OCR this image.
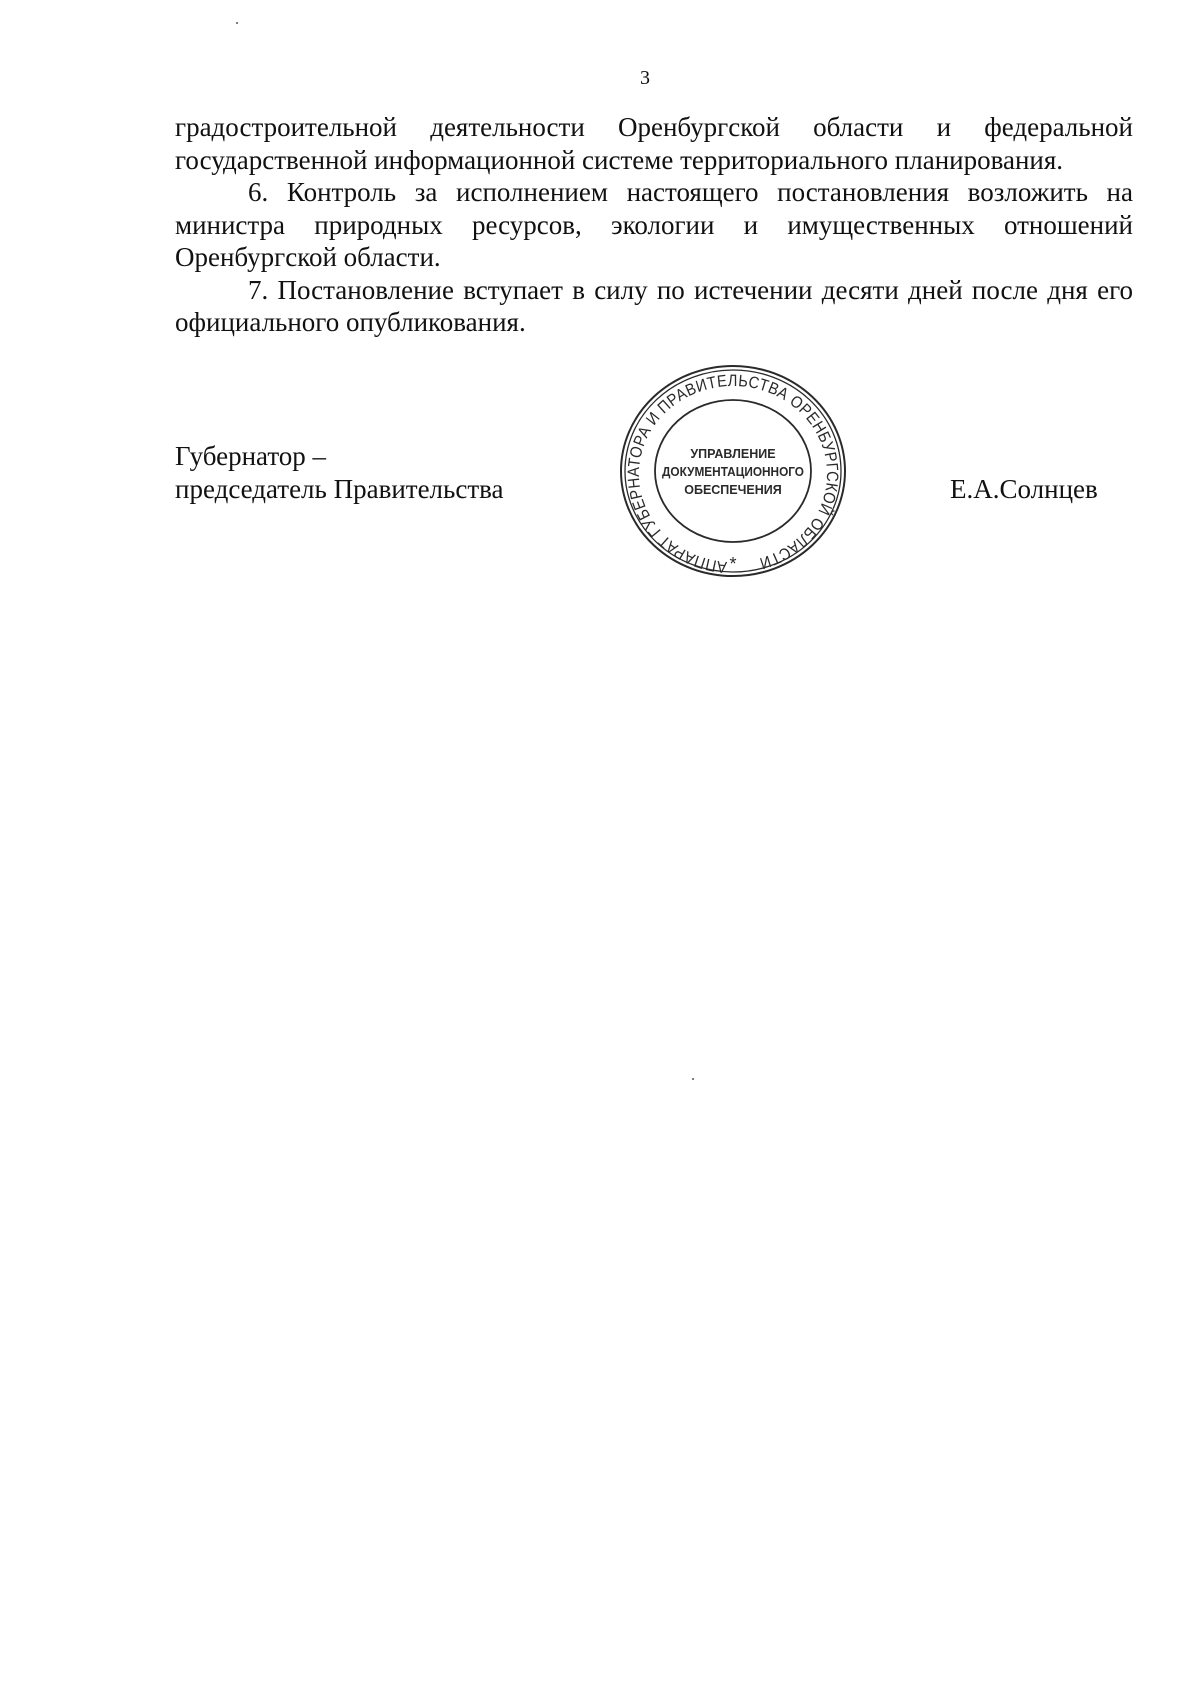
3

градостроительной деятельности Оренбургской области и федеральной государственной информационной системе территориального планирования.

6. Контроль за исполнением настоящего постановления возложить на министра природных ресурсов, экологии и имущественных отношений Оренбургской области.

7. Постановление вступает в силу по истечении десяти дней после дня его официального опубликования.

Губернатор –
председатель Правительства	Е.А.Солнцев
АППАРАТ ГУБЕРНАТОРА И ПРАВИТЕЛЬСТВА ОРЕНБУРГСКОЙ ОБЛАСТИ
*
УПРАВЛЕНИЕ
ДОКУМЕНТАЦИОННОГО
ОБЕСПЕЧЕНИЯ
